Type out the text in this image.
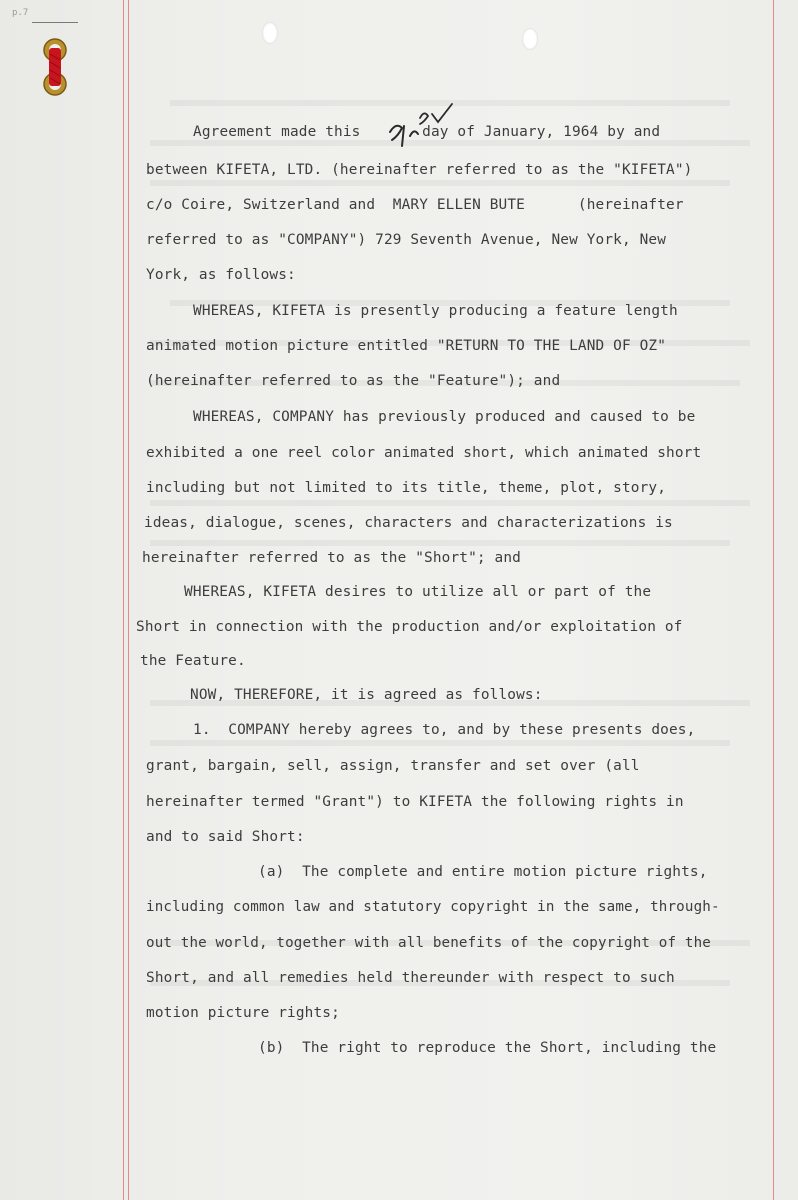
p.7
Agreement made this       day of January, 1964 by and
between KIFETA, LTD. (hereinafter referred to as the "KIFETA")
c/o Coire, Switzerland and  MARY ELLEN BUTE      (hereinafter
referred to as "COMPANY") 729 Seventh Avenue, New York, New
York, as follows:
WHEREAS, KIFETA is presently producing a feature length
animated motion picture entitled "RETURN TO THE LAND OF OZ"
(hereinafter referred to as the "Feature"); and
WHEREAS, COMPANY has previously produced and caused to be
exhibited a one reel color animated short, which animated short
including but not limited to its title, theme, plot, story,
ideas, dialogue, scenes, characters and characterizations is
hereinafter referred to as the "Short"; and
WHEREAS, KIFETA desires to utilize all or part of the
Short in connection with the production and/or exploitation of
the Feature.
NOW, THEREFORE, it is agreed as follows:
1.  COMPANY hereby agrees to, and by these presents does,
grant, bargain, sell, assign, transfer and set over (all
hereinafter termed "Grant") to KIFETA the following rights in
and to said Short:
(a)  The complete and entire motion picture rights,
including common law and statutory copyright in the same, through-
out the world, together with all benefits of the copyright of the
Short, and all remedies held thereunder with respect to such
motion picture rights;
(b)  The right to reproduce the Short, including the
